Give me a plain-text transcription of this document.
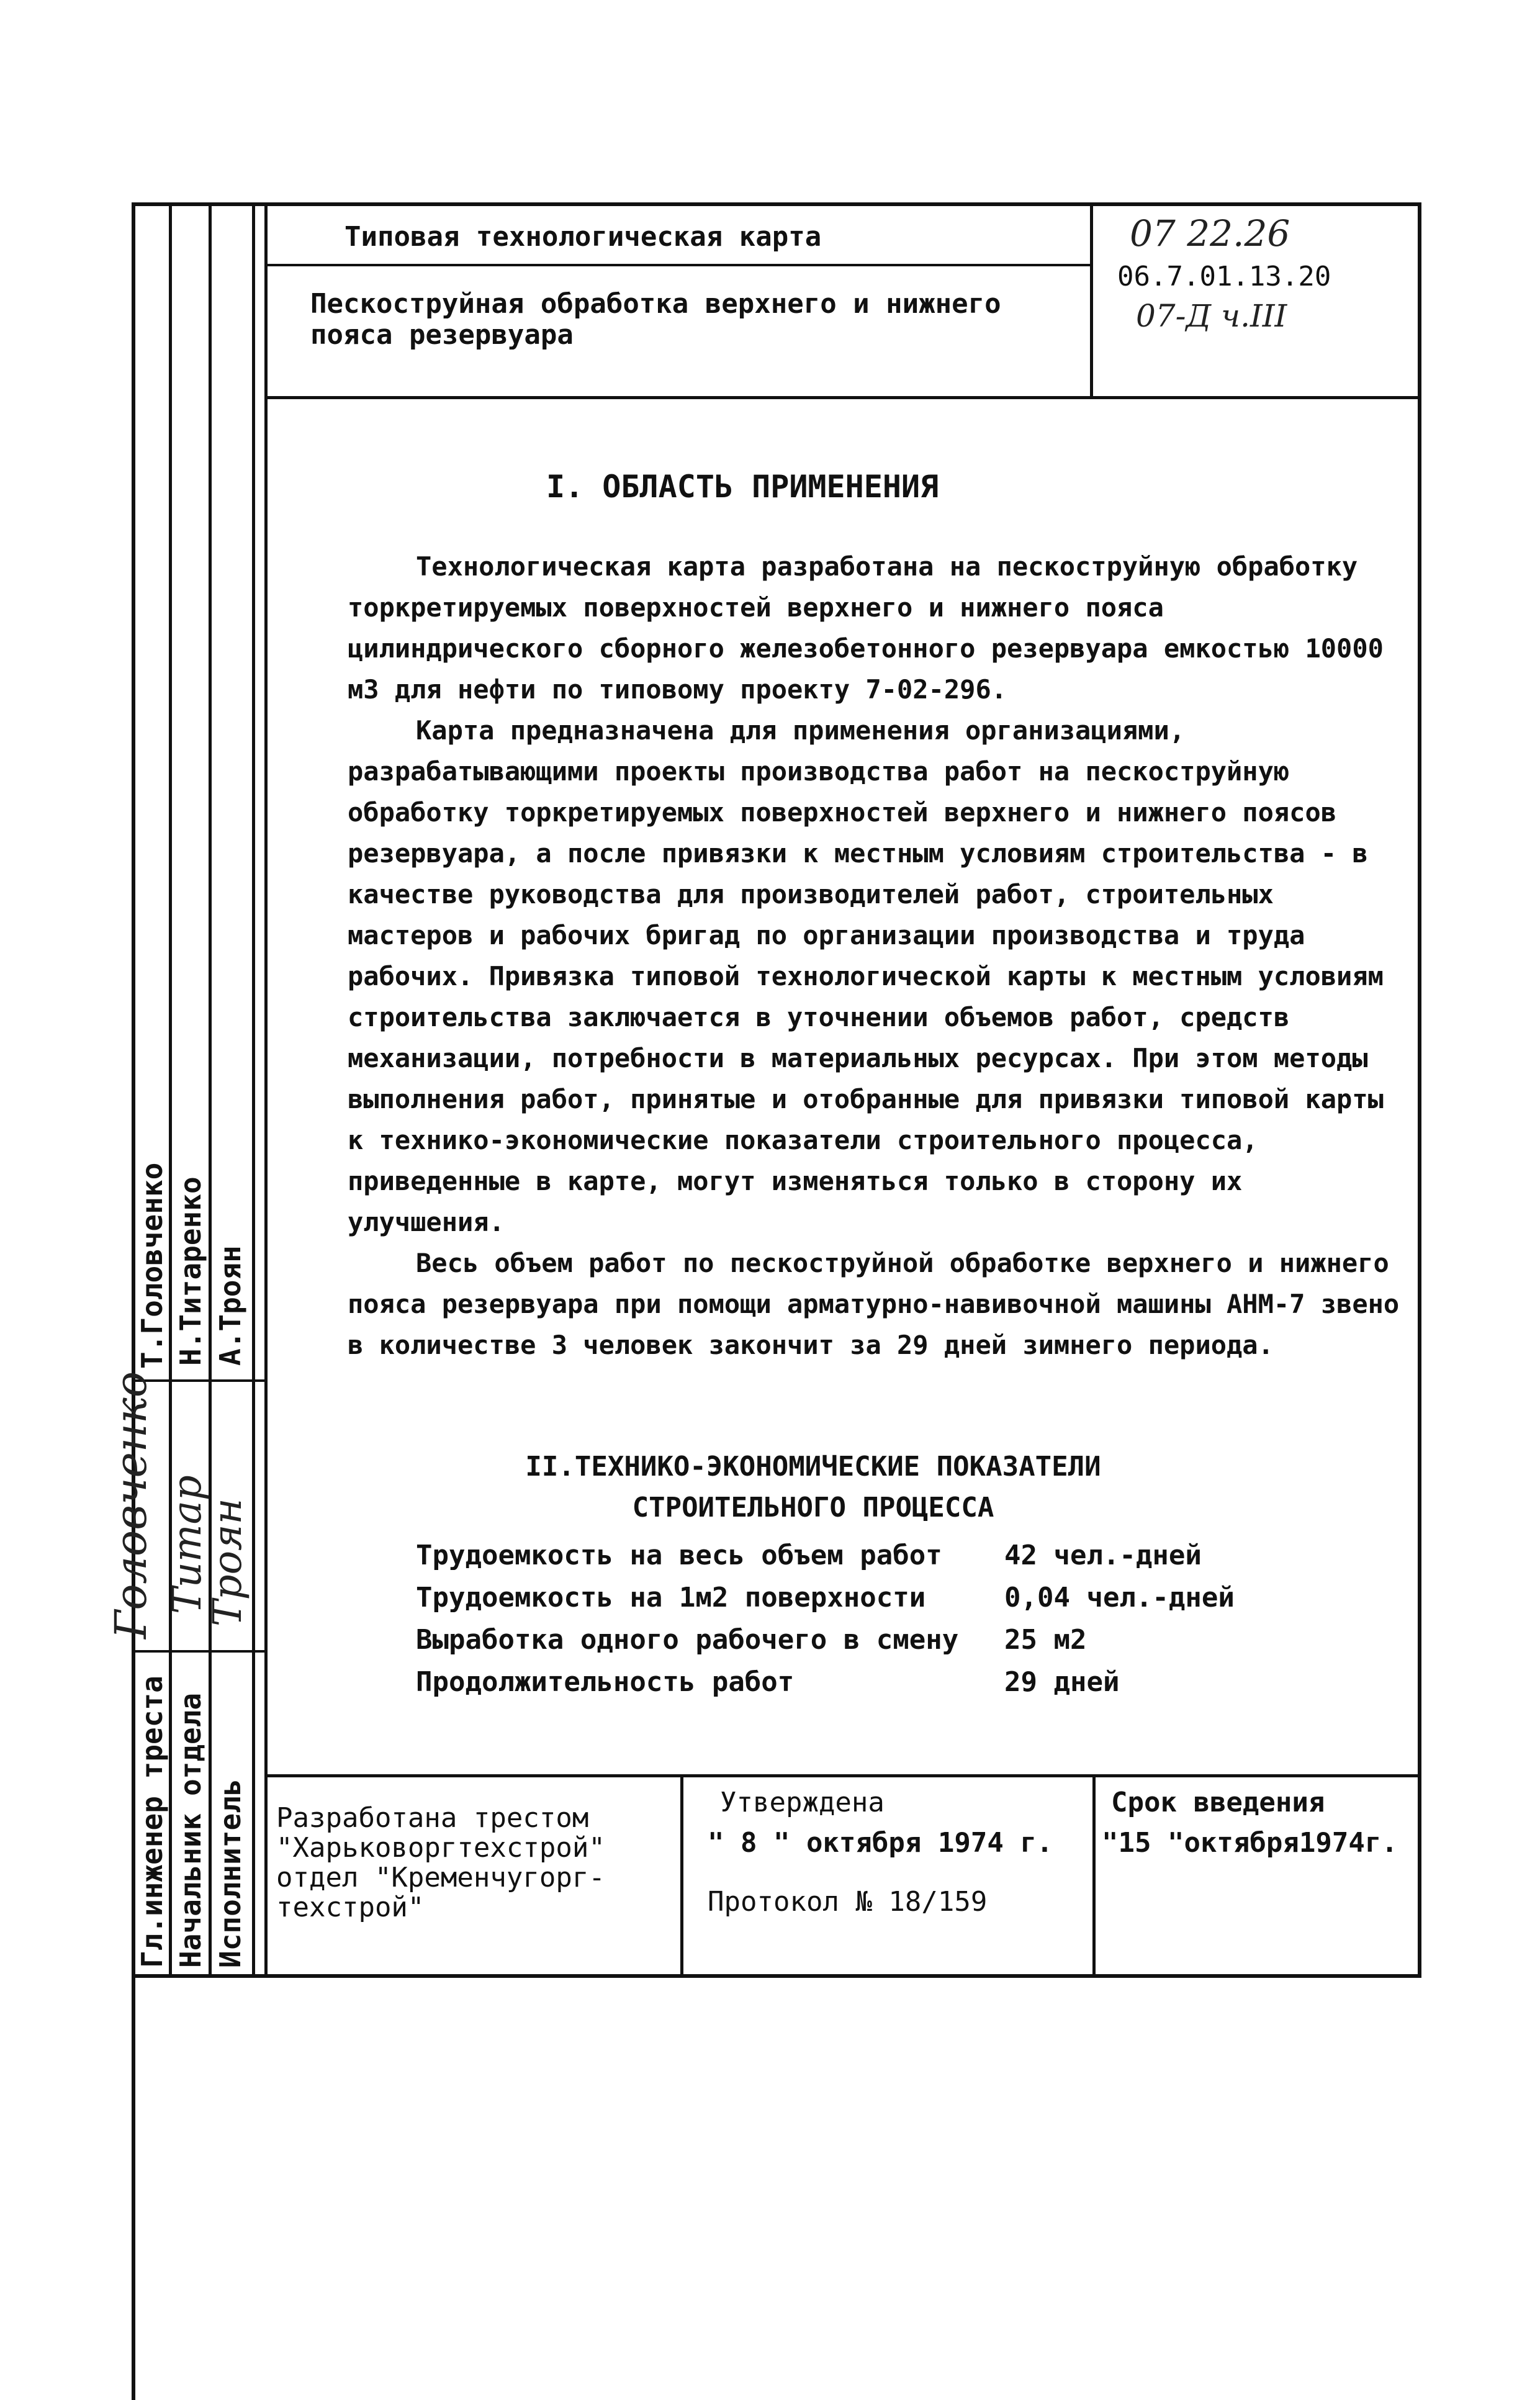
Типовая технологическая карта
Пескоструйная обработка верхнего и нижнего пояса резервуара
07 22.26
06.7.01.13.20
07-Д ч.III
Гл.инженер треста Начальник отдела Исполнитель
Т.Головченко Н.Титаренко А.Троян
Головченко Титар
Троян
I. ОБЛАСТЬ ПРИМЕНЕНИЯ

Технологическая карта разработана на пескоструйную обработку торкретируемых поверхностей верхнего и нижнего пояса цилиндрического сборного железобетонного резервуара емкостью 10000 м3 для нефти по типовому проекту 7-02-296.

Карта предназначена для применения организациями, разрабатывающими проекты производства работ на пескоструйную обработку торкретируемых поверхностей верхнего и нижнего поясов резервуара, а после привязки к местным условиям строительства - в качестве руководства для производителей работ, строительных мастеров и рабочих бригад по организации производства и труда рабочих. Привязка типовой технологической карты к местным условиям строительства заключается в уточнении объемов работ, средств механизации, потребности в материальных ресурсах. При этом методы выполнения работ, принятые и отобранные для привязки типовой карты к технико-экономические показатели строительного процесса, приведенные в карте, могут изменяться только в сторону их улучшения.

Весь объем работ по пескоструйной обработке верхнего и нижнего пояса резервуара при помощи арматурно-навивочной машины АНМ-7 звено в количестве 3 человек закончит за 29 дней зимнего периода.

II.ТЕХНИКО-ЭКОНОМИЧЕСКИЕ ПОКАЗАТЕЛИ
СТРОИТЕЛЬНОГО ПРОЦЕССА
Трудоемкость на весь объем работ 42 чел.-дней
Трудоемкость на 1м2 поверхности	0,04 чел.-дней
Выработка одного рабочего в смену 25 м2
Продолжительность работ	29 дней
Разработана трестом
"Харьковоргтехстрой"
отдел "Кременчугорг-
техстрой"
Утверждена
" 8 " октября 1974 г.
Протокол № 18/159
Срок введения
"15 "октября1974г.
